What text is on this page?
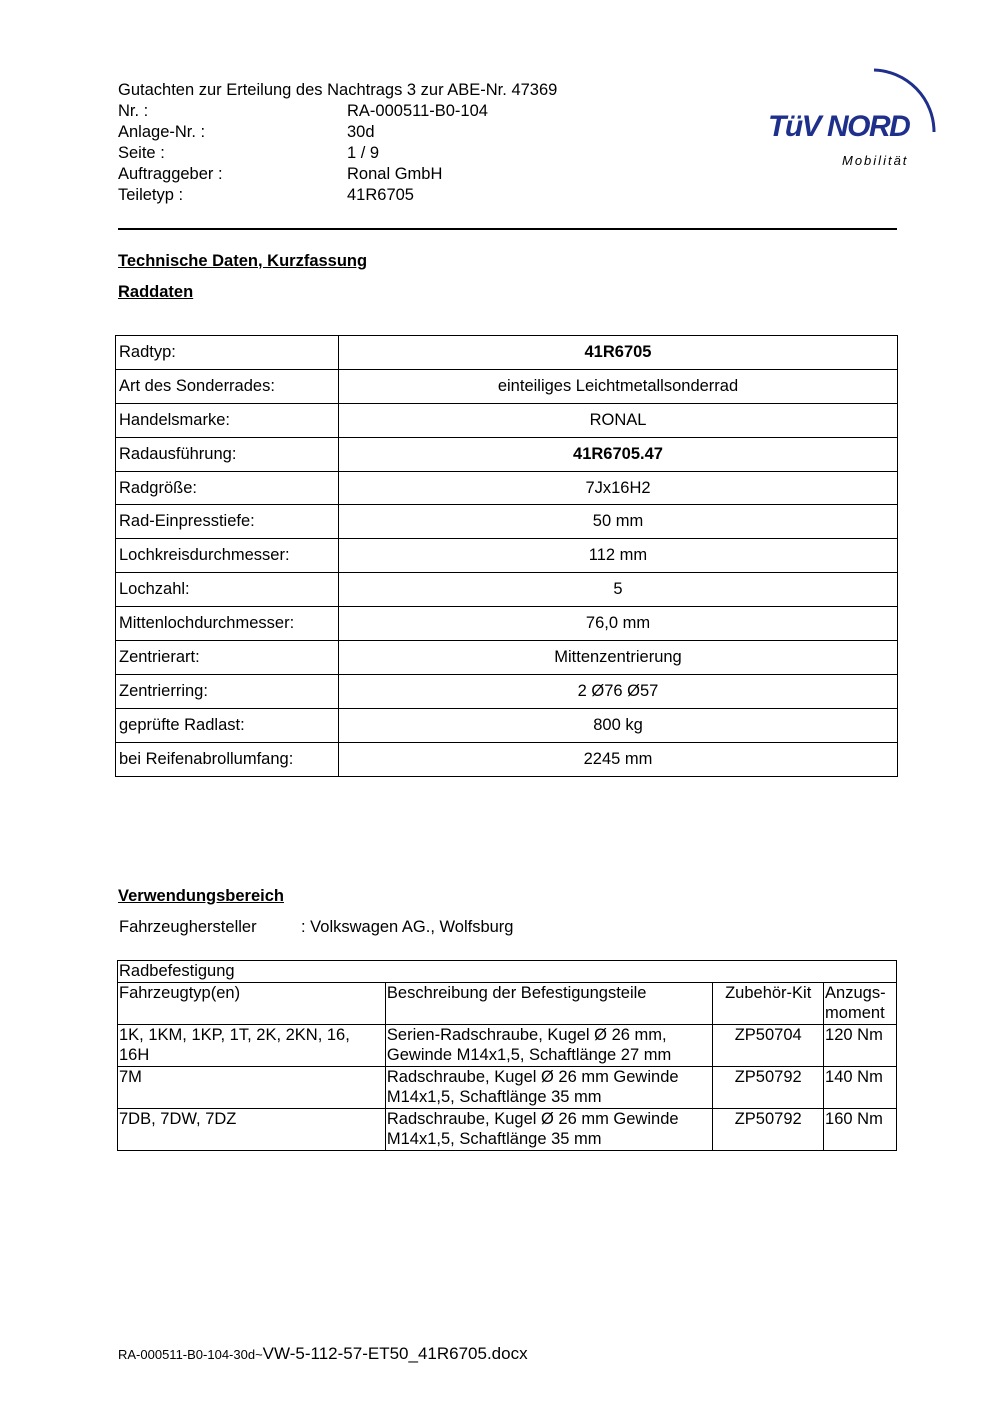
Gutachten zur Erteilung des Nachtrags 3 zur ABE-Nr. 47369
Nr. :	RA-000511-B0-104
Anlage-Nr. :	30d
Seite :	1 / 9
Auftraggeber :	Ronal GmbH
Teiletyp :	41R6705
TüV NORD
Mobilität
Technische Daten, Kurzfassung
Raddaten
Radtyp:	41R6705
Art des Sonderrades:	einteiliges Leichtmetallsonderrad
Handelsmarke:	RONAL
Radausführung:	41R6705.47
Radgröße:	7Jx16H2
Rad-Einpresstiefe:	50 mm
Lochkreisdurchmesser:	112 mm
Lochzahl:	5
Mittenlochdurchmesser:	76,0 mm
Zentrierart:	Mittenzentrierung
Zentrierring:	2 Ø76 Ø57
geprüfte Radlast:	800 kg
bei Reifenabrollumfang:	2245 mm
Verwendungsbereich
Fahrzeughersteller	: Volkswagen AG., Wolfsburg
Radbefestigung			
Fahrzeugtyp(en)	Beschreibung der Befestigungsteile	Zubehör-Kit	Anzugs-
moment
1K, 1KM, 1KP, 1T, 2K, 2KN, 16, 16H	Serien-Radschraube, Kugel Ø 26 mm, Gewinde M14x1,5, Schaftlänge 27 mm	ZP50704	120 Nm
7M	Radschraube, Kugel Ø 26 mm Gewinde M14x1,5, Schaftlänge 35 mm	ZP50792	140 Nm
7DB, 7DW, 7DZ	Radschraube, Kugel Ø 26 mm Gewinde M14x1,5, Schaftlänge 35 mm	ZP50792	160 Nm
RA-000511-B0-104-30d~VW-5-112-57-ET50_41R6705.docx
